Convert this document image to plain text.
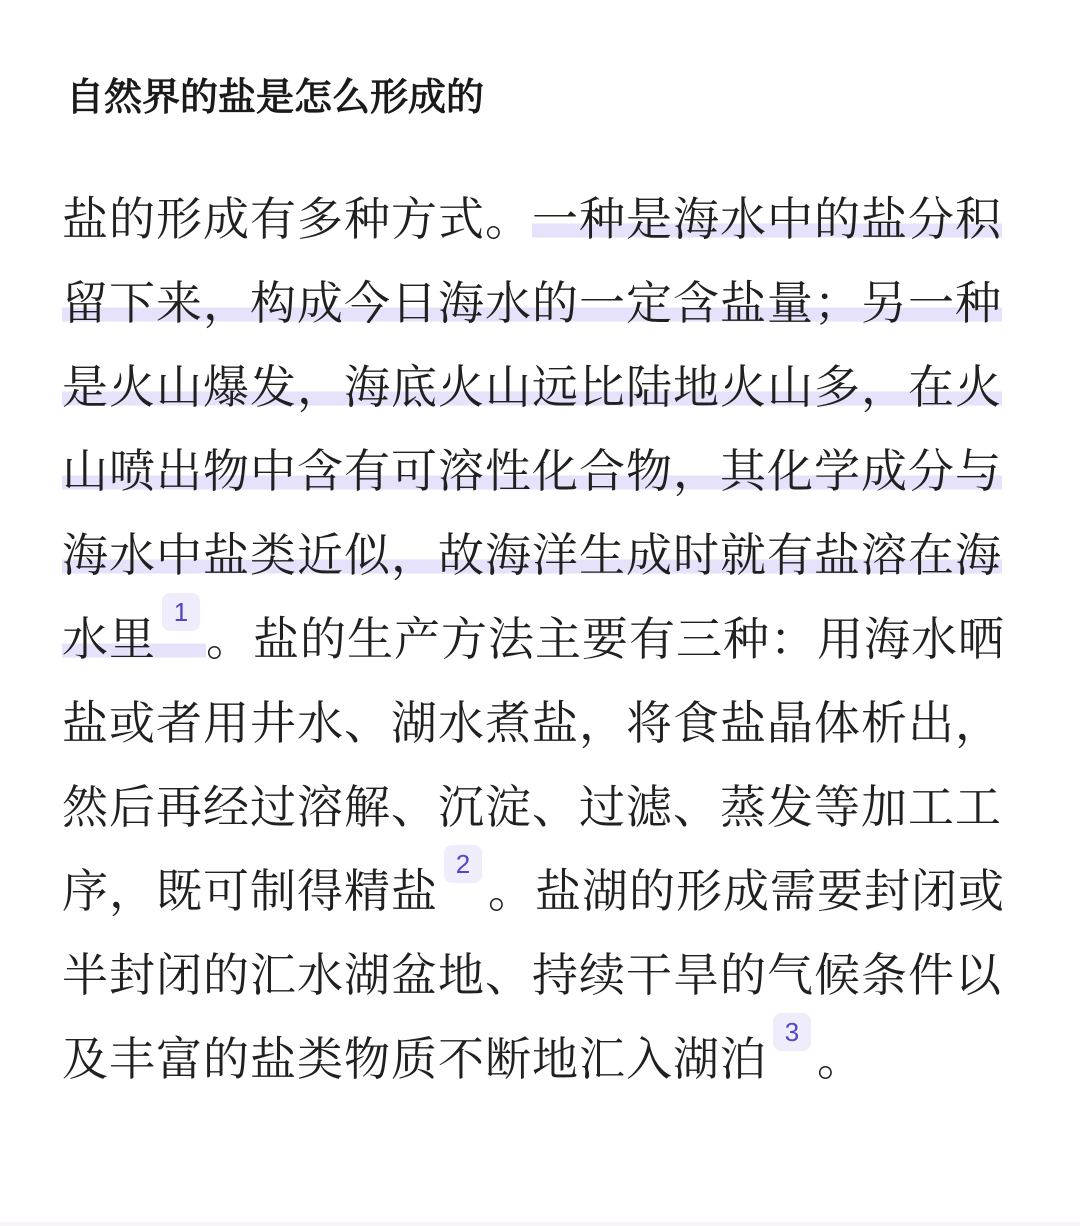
自然界的盐是怎么形成的
盐的形成有多种方式。一种是海水中的盐分积留下来，构成今日海水的一定含盐量；另一种是火山爆发，海底火山远比陆地火山多，在火山喷出物中含有可溶性化合物，其化学成分与海水中盐类近似，故海洋生成时就有盐溶在海水里 1 。盐的生产方法主要有三种：用海水晒盐或者用井水、湖水煮盐，将食盐晶体析出，然后再经过溶解、沉淀、过滤、蒸发等加工工序，既可制得精盐 2 。盐湖的形成需要封闭或半封闭的汇水湖盆地、持续干旱的气候条件以及丰富的盐类物质不断地汇入湖泊 3 。
